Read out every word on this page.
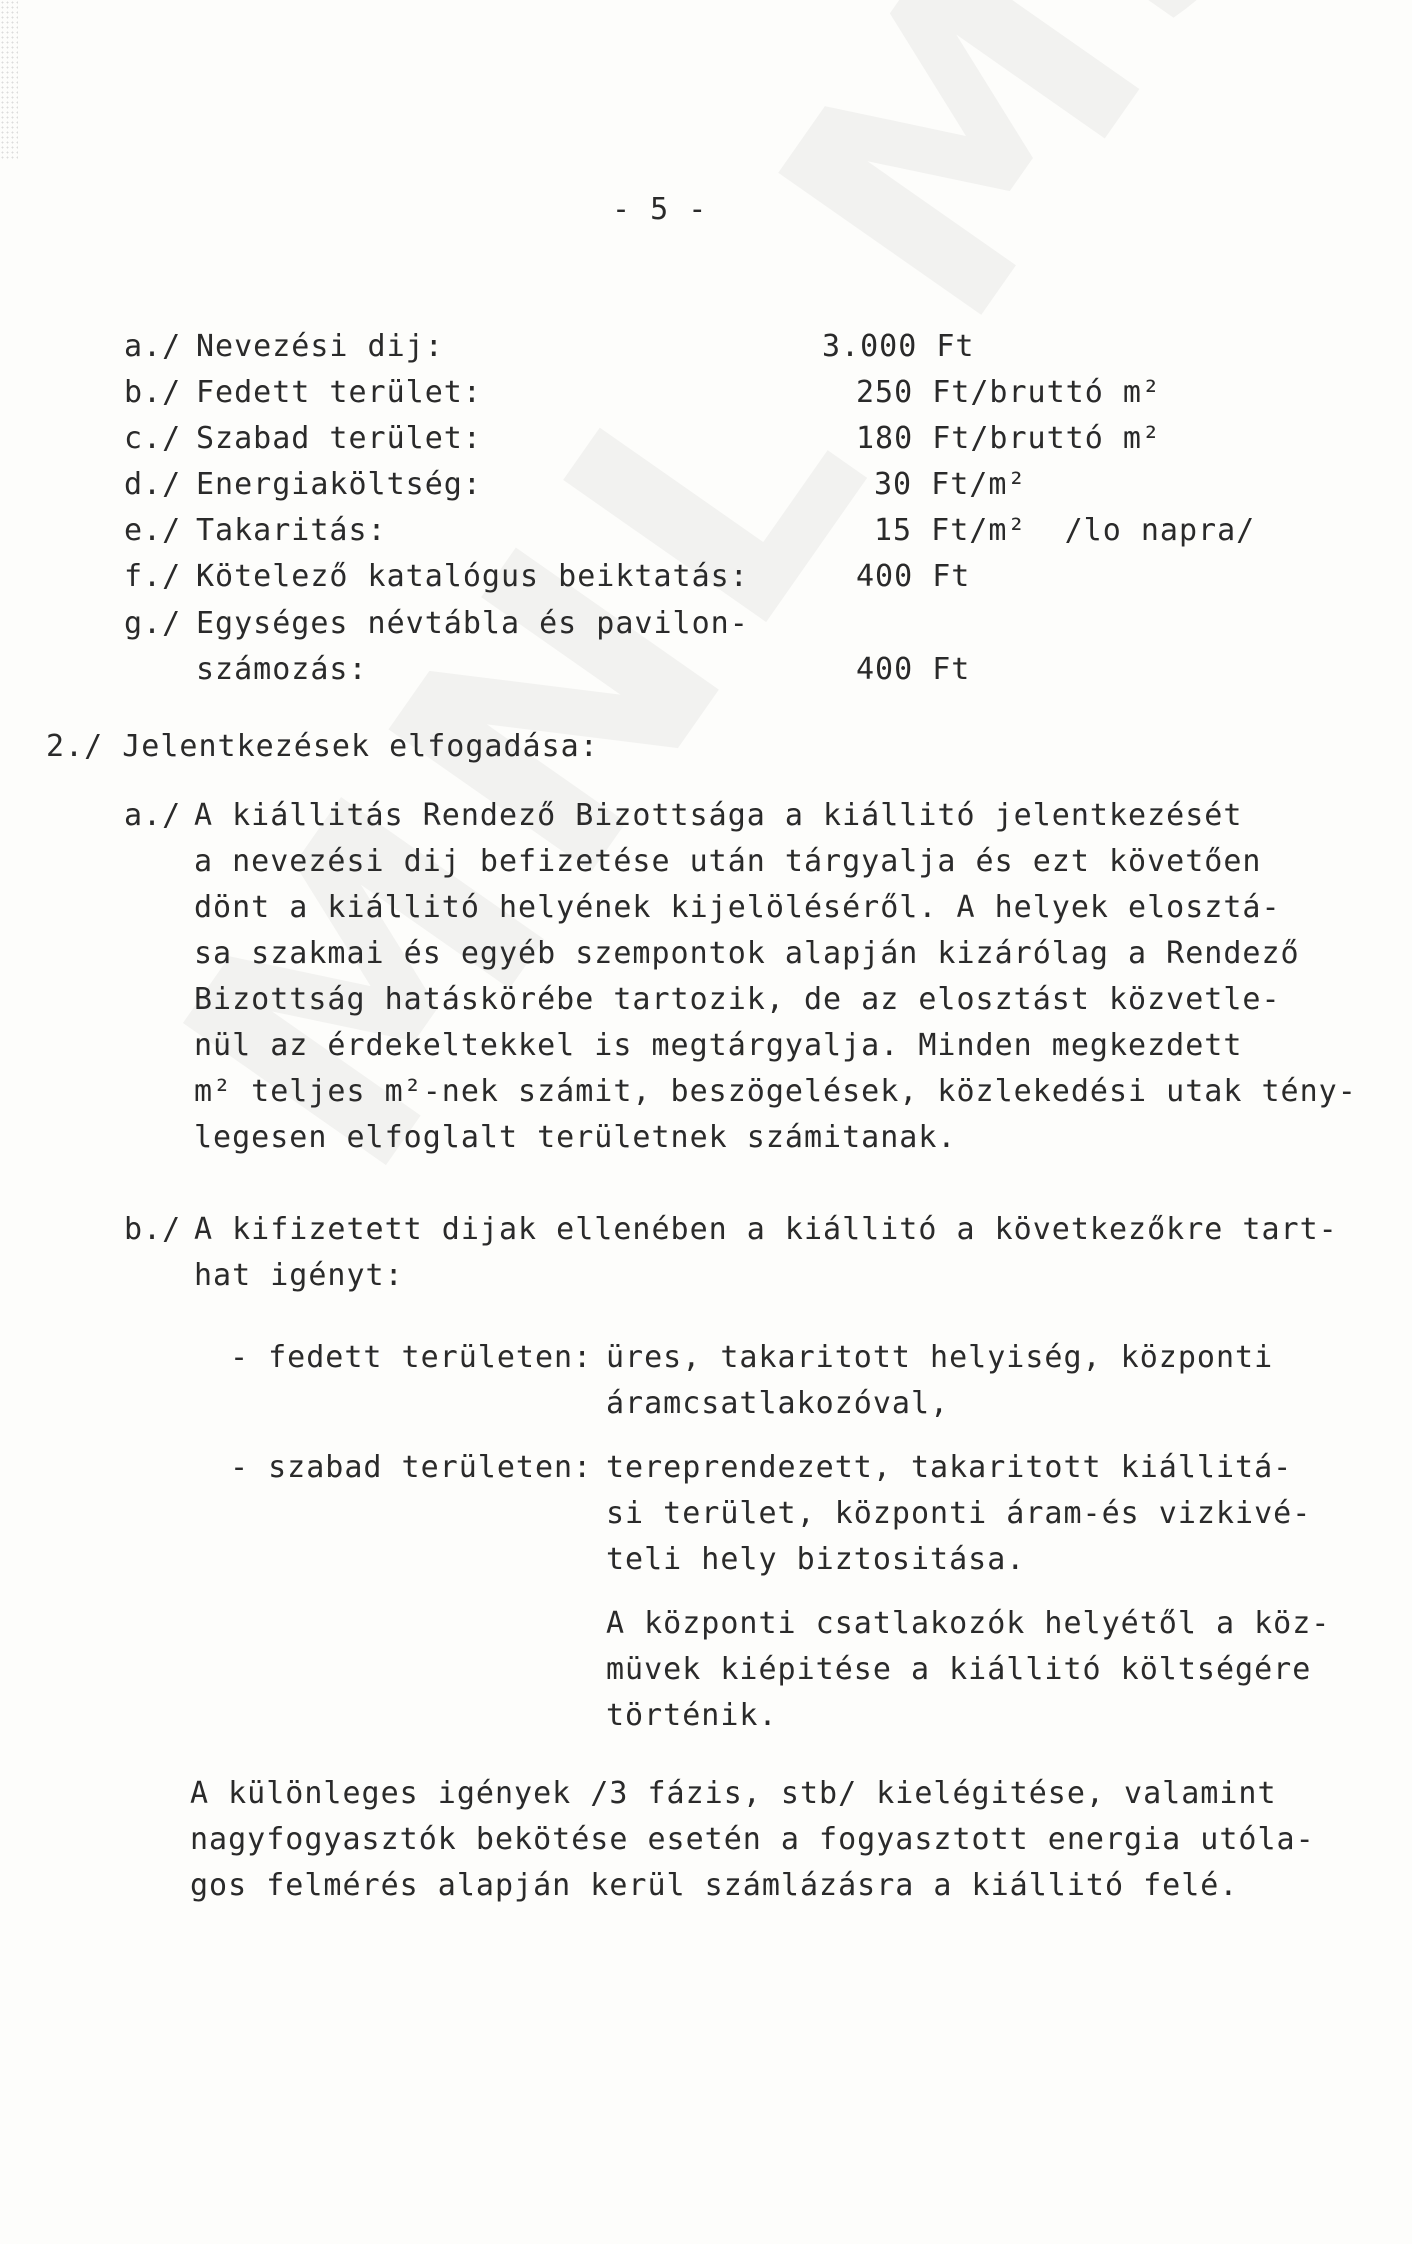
- 5 -
a./ Nevezési dij:	3.000 Ft
b./ Fedett terület:	250 Ft/bruttó m²
c./ Szabad terület:	180 Ft/bruttó m²
d./ Energiaköltség:	30 Ft/m²
e./ Takaritás:	15 Ft/m²  /lo napra/
f./ Kötelező katalógus beiktatás:	400 Ft
g./ Egységes névtábla és pavilon-
számozás:	400 Ft
2./ Jelentkezések elfogadása:
a./ A kiállitás Rendező Bizottsága a kiállitó jelentkezését
a nevezési dij befizetése után tárgyalja és ezt követően
dönt a kiállitó helyének kijelöléséről. A helyek elosztá-
sa szakmai és egyéb szempontok alapján kizárólag a Rendező
Bizottság hatáskörébe tartozik, de az elosztást közvetle-
nül az érdekeltekkel is megtárgyalja. Minden megkezdett
m² teljes m²-nek számit, beszögelések, közlekedési utak tény-
legesen elfoglalt területnek számitanak.
b./ A kifizetett dijak ellenében a kiállitó a következőkre tart-
hat igényt:
- fedett területen: üres, takaritott helyiség, központi
áramcsatlakozóval,
- szabad területen: tereprendezett, takaritott kiállitá-
si terület, központi áram-és vizkivé-
teli hely biztositása.
A központi csatlakozók helyétől a köz-
müvek kiépitése a kiállitó költségére
történik.
A különleges igények /3 fázis, stb/ kielégitése, valamint
nagyfogyasztók bekötése esetén a fogyasztott energia utóla-
gos felmérés alapján kerül számlázásra a kiállitó felé.
